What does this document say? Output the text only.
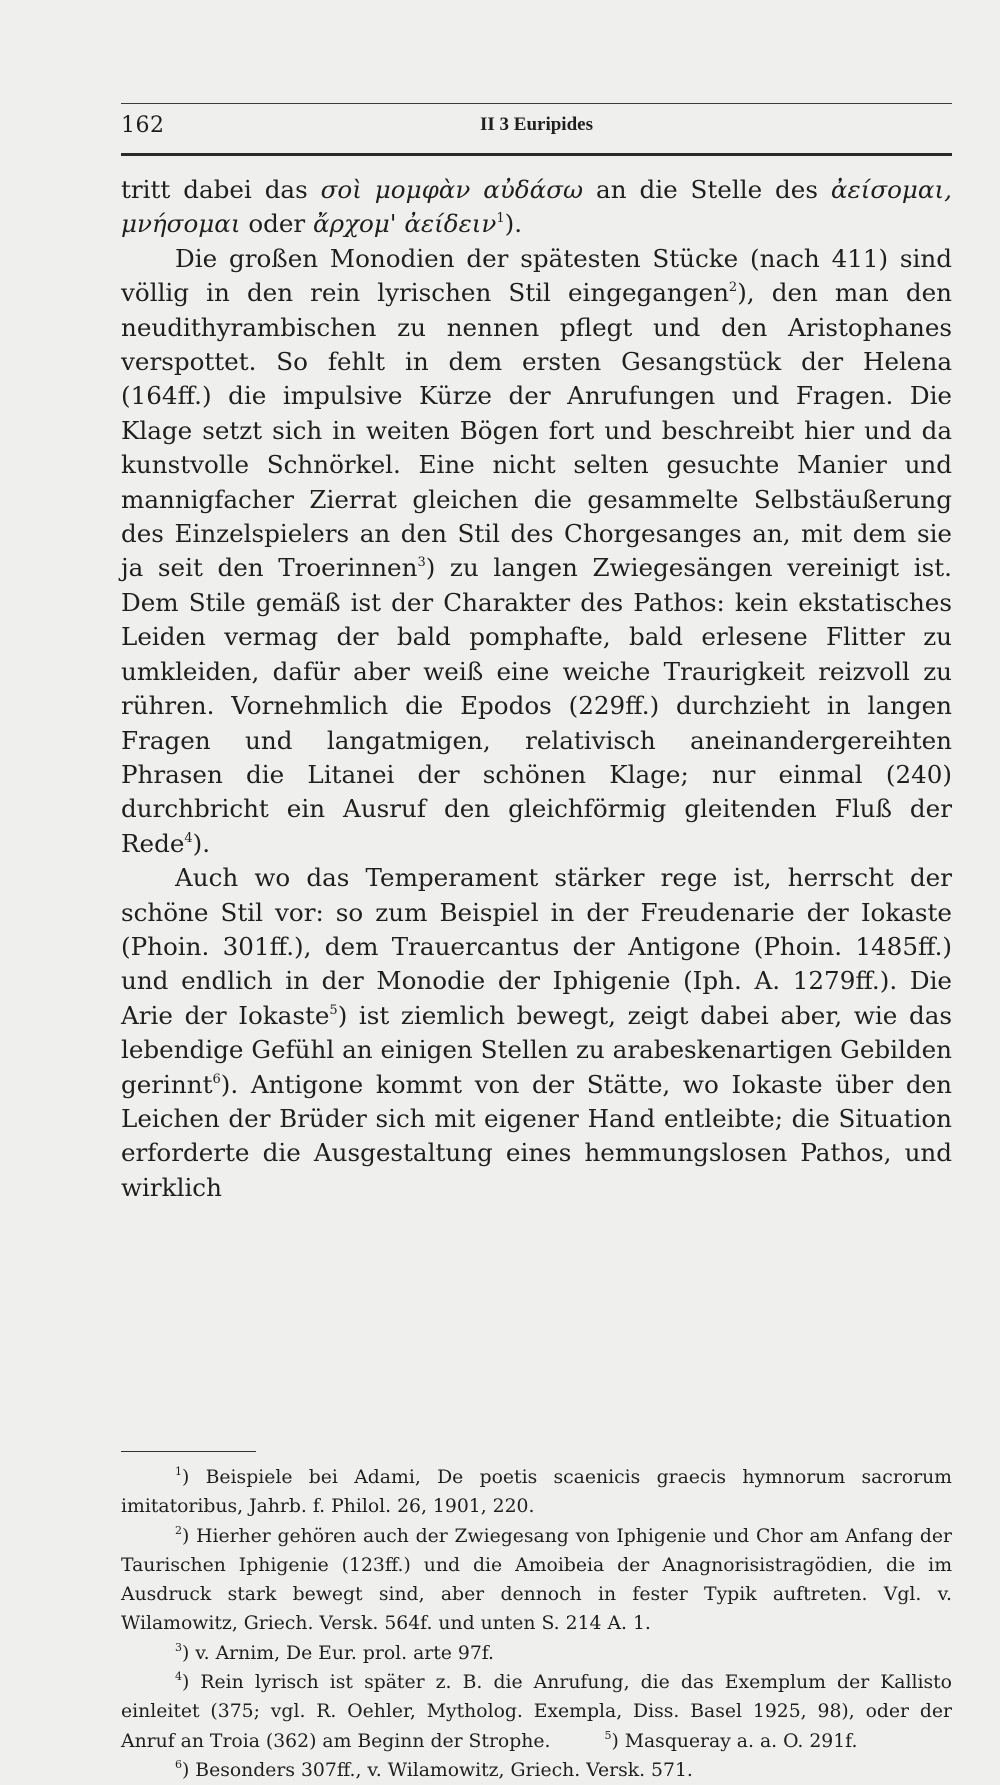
162	II 3 Euripides

tritt dabei das σοὶ μομφὰν αὐδάσω an die Stelle des ἀείσομαι, μνήσομαι oder ἄρχομ' ἀείδειν$^1$).

Die großen Monodien der spätesten Stücke (nach 411) sind völlig in den rein lyrischen Stil eingegangen$^2$), den man den neudithyrambischen zu nennen pflegt und den Aristophanes verspottet. So fehlt in dem ersten Gesangstück der Helena (164ff.) die impulsive Kürze der Anrufungen und Fragen. Die Klage setzt sich in weiten Bögen fort und beschreibt hier und da kunstvolle Schnörkel. Eine nicht selten gesuchte Manier und mannigfacher Zierrat gleichen die gesammelte Selbstäußerung des Einzelspielers an den Stil des Chorgesanges an, mit dem sie ja seit den Troerinnen$^3$) zu langen Zwiegesängen vereinigt ist. Dem Stile gemäß ist der Charakter des Pathos: kein ekstatisches Leiden vermag der bald pomphafte, bald erlesene Flitter zu umkleiden, dafür aber weiß eine weiche Traurigkeit reizvoll zu rühren. Vornehmlich die Epodos (229ff.) durchzieht in langen Fragen und langatmigen, relativisch aneinandergereihten Phrasen die Litanei der schönen Klage; nur einmal (240) durchbricht ein Ausruf den gleichförmig gleitenden Fluß der Rede$^4$).

Auch wo das Temperament stärker rege ist, herrscht der schöne Stil vor: so zum Beispiel in der Freudenarie der Iokaste (Phoin. 301ff.), dem Trauercantus der Antigone (Phoin. 1485ff.) und endlich in der Monodie der Iphigenie (Iph. A. 1279ff.). Die Arie der Iokaste$^5$) ist ziemlich bewegt, zeigt dabei aber, wie das lebendige Gefühl an einigen Stellen zu arabeskenartigen Gebilden gerinnt$^6$). Antigone kommt von der Stätte, wo Iokaste über den Leichen der Brüder sich mit eigener Hand entleibte; die Situation erforderte die Ausgestaltung eines hemmungslosen Pathos, und wirklich

$^1$) Beispiele bei Adami, De poetis scaenicis graecis hymnorum sacrorum imitatoribus, Jahrb. f. Philol. 26, 1901, 220.

$^2$) Hierher gehören auch der Zwiegesang von Iphigenie und Chor am Anfang der Taurischen Iphigenie (123ff.) und die Amoibeia der Anagnorisistragödien, die im Ausdruck stark bewegt sind, aber dennoch in fester Typik auftreten. Vgl. v. Wilamowitz, Griech. Versk. 564f. und unten S. 214 A. 1.

$^3$) v. Arnim, De Eur. prol. arte 97f.

$^4$) Rein lyrisch ist später z. B. die Anrufung, die das Exemplum der Kallisto einleitet (375; vgl. R. Oehler, Mytholog. Exempla, Diss. Basel 1925, 98), oder der Anruf an Troia (362) am Beginn der Strophe.	$^5$) Masqueray a. a. O. 291f.

$^6$) Besonders 307ff., v. Wilamowitz, Griech. Versk. 571.
